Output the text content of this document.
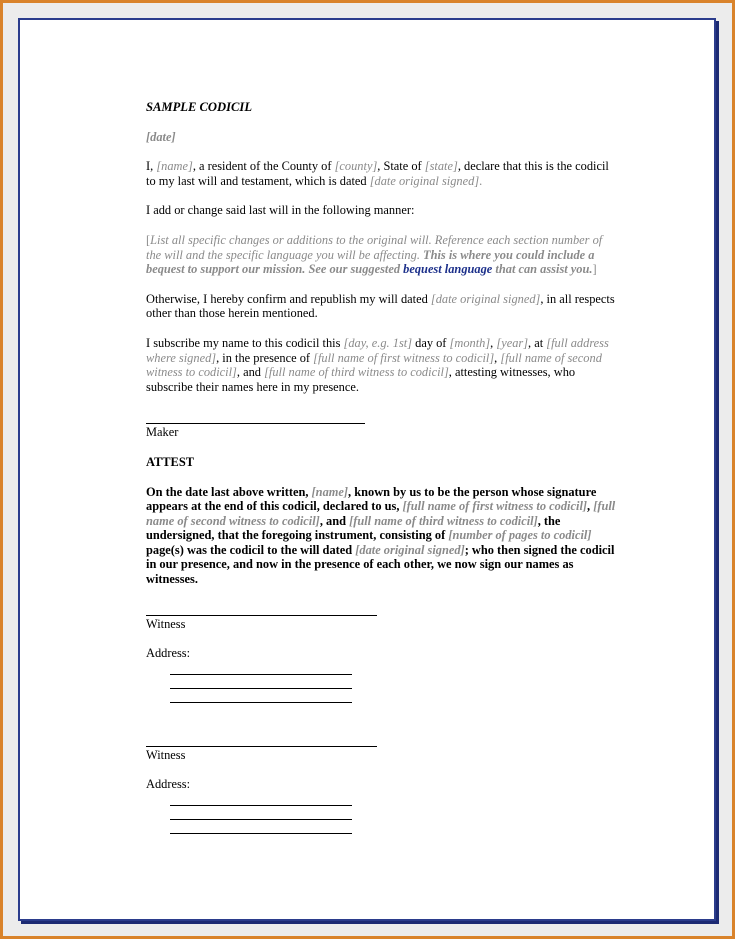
SAMPLE CODICIL

[date]

I, [name], a resident of the County of [county], State of [state], declare that this is the codicil to my last will and testament, which is dated [date original signed].

I add or change said last will in the following manner:

[List all specific changes or additions to the original will. Reference each section number of the will and the specific language you will be affecting. This is where you could include a bequest to support our mission. See our suggested bequest language that can assist you.]

Otherwise, I hereby confirm and republish my will dated [date original signed], in all respects other than those herein mentioned.

I subscribe my name to this codicil this [day, e.g. 1st] day of [month], [year], at [full address where signed], in the presence of [full name of first witness to codicil], [full name of second witness to codicil], and [full name of third witness to codicil], attesting witnesses, who subscribe their names here in my presence.

Maker

ATTEST

On the date last above written, [name], known by us to be the person whose signature appears at the end of this codicil, declared to us, [full name of first witness to codicil], [full name of second witness to codicil], and [full name of third witness to codicil], the undersigned, that the foregoing instrument, consisting of [number of pages to codicil] page(s) was the codicil to the will dated [date original signed]; who then signed the codicil in our presence, and now in the presence of each other, we now sign our names as witnesses.

Witness

Address:

Witness

Address:
